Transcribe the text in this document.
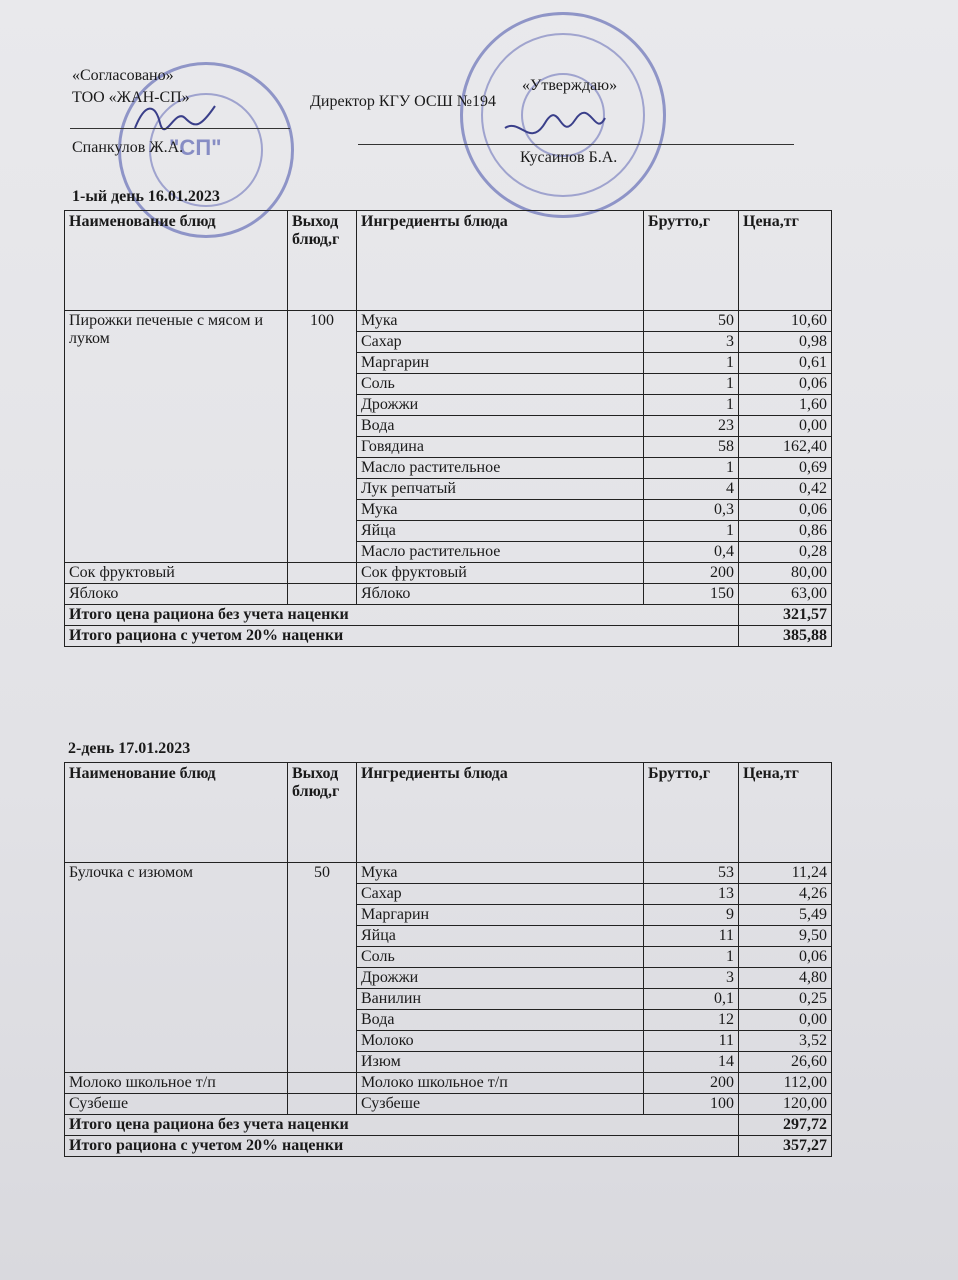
"СП"
«Согласовано»
ТОО «ЖАН-СП»
Спанкулов Ж.А.
«Утверждаю»
Директор КГУ ОСШ №194
Кусаинов Б.А.
1-ый день 16.01.2023
Наименование блюд	Выход блюд,г	Ингредиенты блюда	Брутто,г	Цена,тг
Пирожки печеные с мясом и луком	100	Мука	50	10,60
		Сахар	3	0,98
		Маргарин	1	0,61
		Соль	1	0,06
		Дрожжи	1	1,60
		Вода	23	0,00
		Говядина	58	162,40
		Масло растительное	1	0,69
		Лук репчатый	4	0,42
		Мука	0,3	0,06
		Яйца	1	0,86
		Масло растительное	0,4	0,28
Сок фруктовый		Сок фруктовый	200	80,00
Яблоко		Яблоко	150	63,00
Итого цена рациона без учета наценки				321,57
Итого рациона с учетом 20% наценки				385,88
2-день 17.01.2023
Наименование блюд	Выход блюд,г	Ингредиенты блюда	Брутто,г	Цена,тг
Булочка с изюмом	50	Мука	53	11,24
		Сахар	13	4,26
		Маргарин	9	5,49
		Яйца	11	9,50
		Соль	1	0,06
		Дрожжи	3	4,80
		Ванилин	0,1	0,25
		Вода	12	0,00
		Молоко	11	3,52
		Изюм	14	26,60
Молоко школьное т/п		Молоко школьное т/п	200	112,00
Сузбеше		Сузбеше	100	120,00
Итого цена рациона без учета наценки				297,72
Итого рациона с учетом 20% наценки				357,27
